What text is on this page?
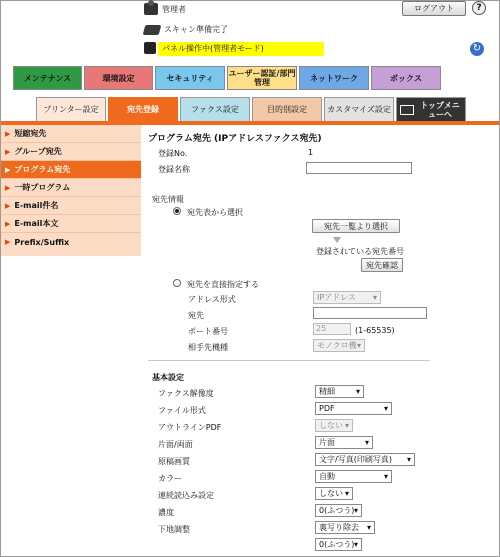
管理者	ログアウト	?
スキャン準備完了
パネル操作中(管理者モード)	↻
メンテナンス	環境設定	セキュリティ	ユーザー認証/部門管理	ネットワーク	ボックス
プリンター設定	宛先登録	ファクス設定	目的別設定	カスタマイズ設定	トップメニューへ
▶ 短縮宛先
▶ グループ宛先
▶ プログラム宛先
▶ 一時プログラム
▶ E-mail件名
▶ E-mail本文
▶ Prefix/Suffix
プログラム宛先 (IPアドレスファクス宛先)
登録No.	1
登録名称
宛先情報
宛先表から選択
宛先一覧より選択
登録されている宛先番号
宛先確認
宛先を直接指定する
アドレス形式	IPアドレス ▾
宛先
ポート番号	25	(1-65535)
相手先機種	モノクロ機 ▾
基本設定
ファクス解像度	精細 ▾
ファイル形式	PDF ▾
アウトラインPDF	しない ▾
片面/両面	片面 ▾
原稿画質	文字/写真(印刷写真) ▾
カラー	自動 ▾
連続読込み設定	しない ▾
濃度	0(ふつう) ▾
下地調整	裏写り除去 ▾
0(ふつう) ▾
